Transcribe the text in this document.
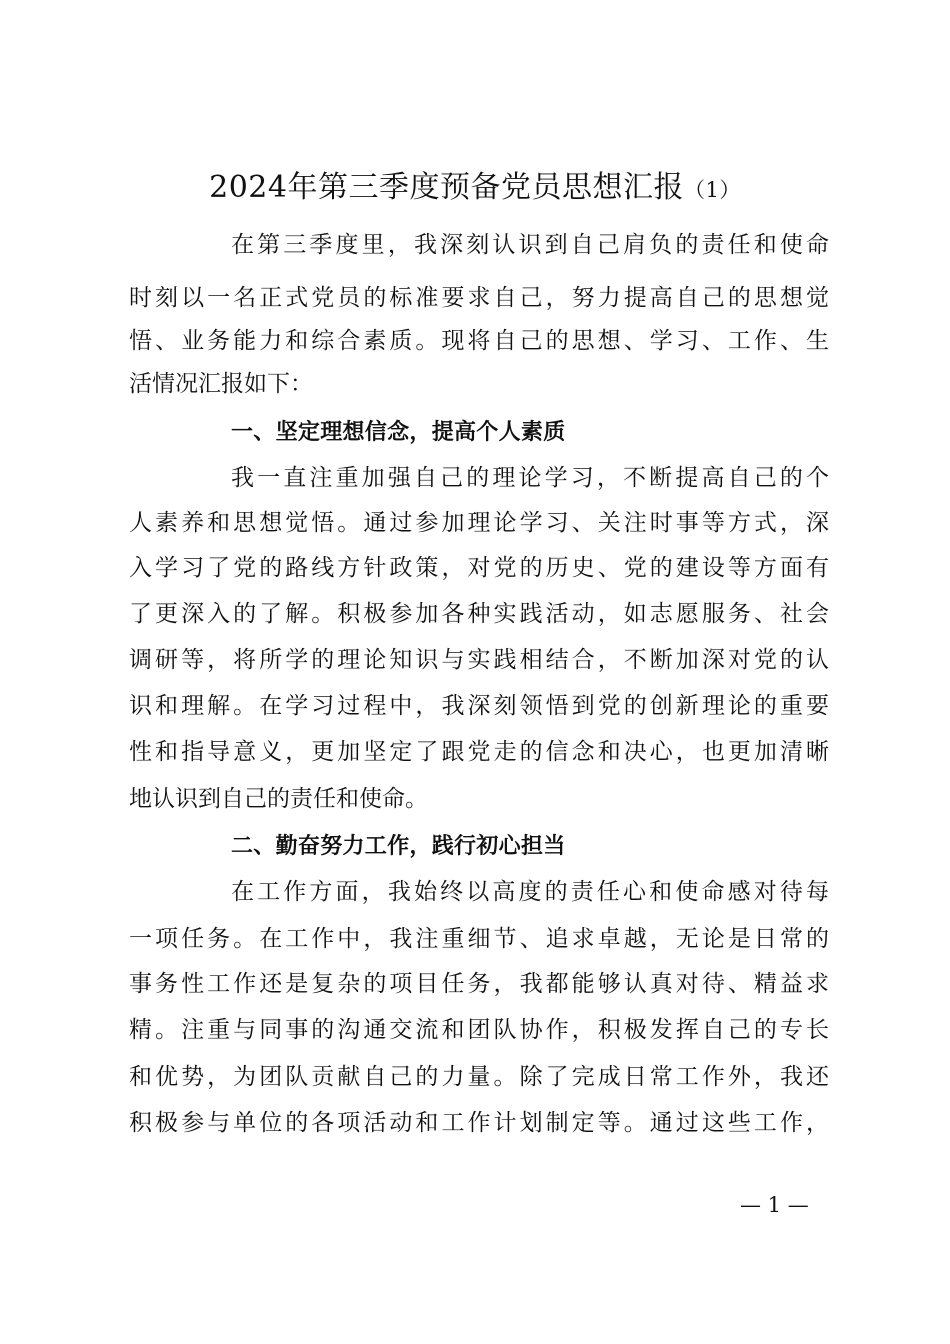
2024年第三季度预备党员思想汇报（1）
在第三季度里，我深刻认识到自己肩负的责任和使命
时刻以一名正式党员的标准要求自己，努力提高自己的思想觉
悟、业务能力和综合素质。现将自己的思想、学习、工作、生
活情况汇报如下：
一、坚定理想信念，提高个人素质
我一直注重加强自己的理论学习，不断提高自己的个
人素养和思想觉悟。通过参加理论学习、关注时事等方式，深
入学习了党的路线方针政策，对党的历史、党的建设等方面有
了更深入的了解。积极参加各种实践活动，如志愿服务、社会
调研等，将所学的理论知识与实践相结合，不断加深对党的认
识和理解。在学习过程中，我深刻领悟到党的创新理论的重要
性和指导意义，更加坚定了跟党走的信念和决心，也更加清晰
地认识到自己的责任和使命。
二、勤奋努力工作，践行初心担当
在工作方面，我始终以高度的责任心和使命感对待每
一项任务。在工作中，我注重细节、追求卓越，无论是日常的
事务性工作还是复杂的项目任务，我都能够认真对待、精益求
精。注重与同事的沟通交流和团队协作，积极发挥自己的专长
和优势，为团队贡献自己的力量。除了完成日常工作外，我还
积极参与单位的各项活动和工作计划制定等。通过这些工作，
— 1 —
